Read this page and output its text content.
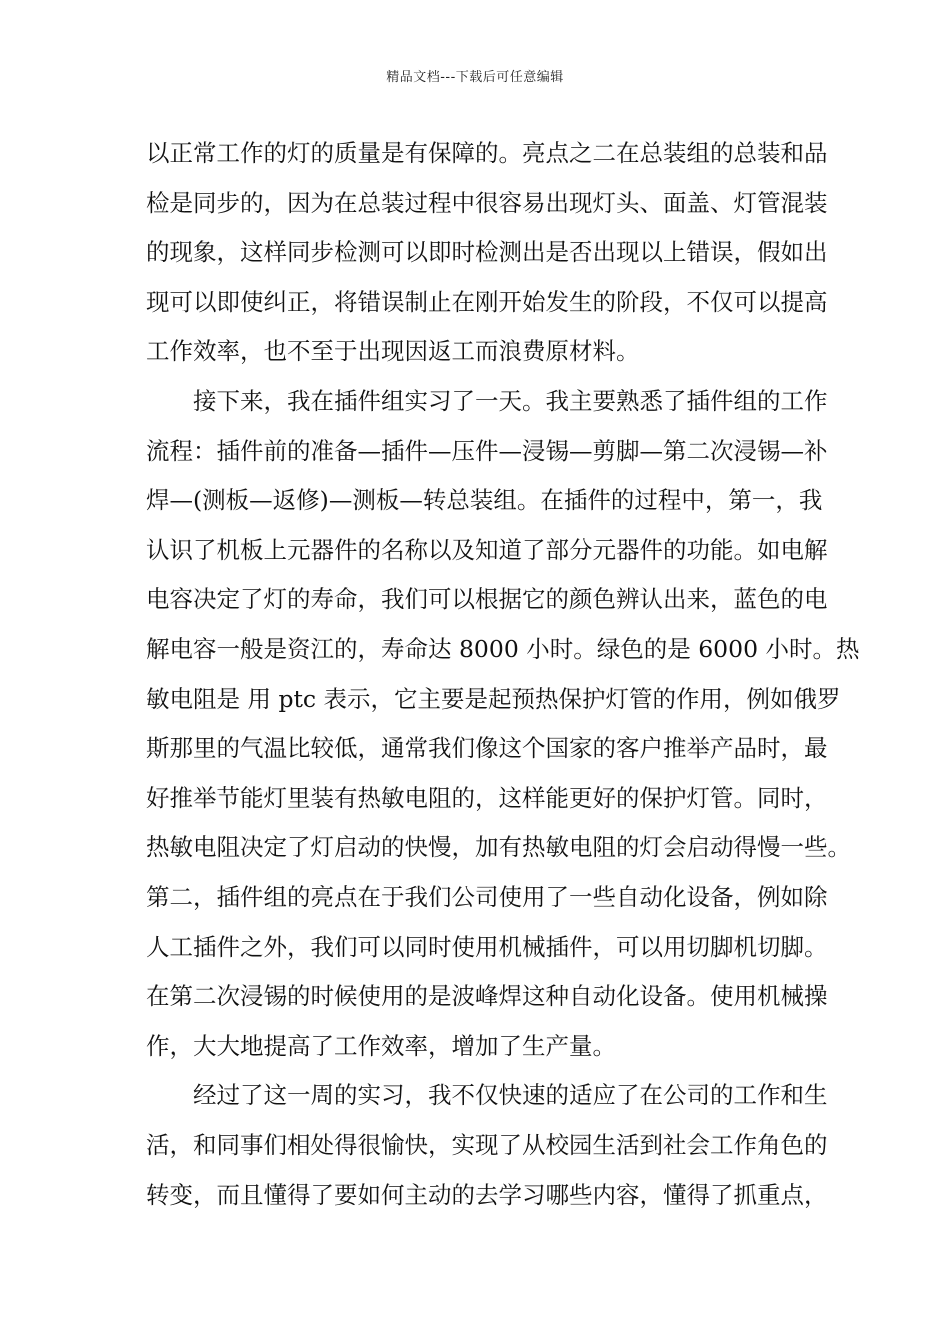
精品文档---下载后可任意编辑
以正常工作的灯的质量是有保障的。亮点之二在总装组的总装和品
检是同步的，因为在总装过程中很容易出现灯头、面盖、灯管混装
的现象，这样同步检测可以即时检测出是否出现以上错误，假如出
现可以即使纠正，将错误制止在刚开始发生的阶段，不仅可以提高
工作效率，也不至于出现因返工而浪费原材料。
接下来，我在插件组实习了一天。我主要熟悉了插件组的工作
流程：插件前的准备—插件—压件—浸锡—剪脚—第二次浸锡—补
焊—(测板—返修)—测板—转总装组。在插件的过程中，第一，我
认识了机板上元器件的名称以及知道了部分元器件的功能。如电解
电容决定了灯的寿命，我们可以根据它的颜色辨认出来，蓝色的电
解电容一般是资江的，寿命达 8000 小时。绿色的是 6000 小时。热
敏电阻是 用 ptc 表示，它主要是起预热保护灯管的作用，例如俄罗
斯那里的气温比较低，通常我们像这个国家的客户推举产品时，最
好推举节能灯里装有热敏电阻的，这样能更好的保护灯管。同时，
热敏电阻决定了灯启动的快慢，加有热敏电阻的灯会启动得慢一些。
第二，插件组的亮点在于我们公司使用了一些自动化设备，例如除
人工插件之外，我们可以同时使用机械插件，可以用切脚机切脚。
在第二次浸锡的时候使用的是波峰焊这种自动化设备。使用机械操
作，大大地提高了工作效率，增加了生产量。
经过了这一周的实习，我不仅快速的适应了在公司的工作和生
活，和同事们相处得很愉快，实现了从校园生活到社会工作角色的
转变，而且懂得了要如何主动的去学习哪些内容，懂得了抓重点，
